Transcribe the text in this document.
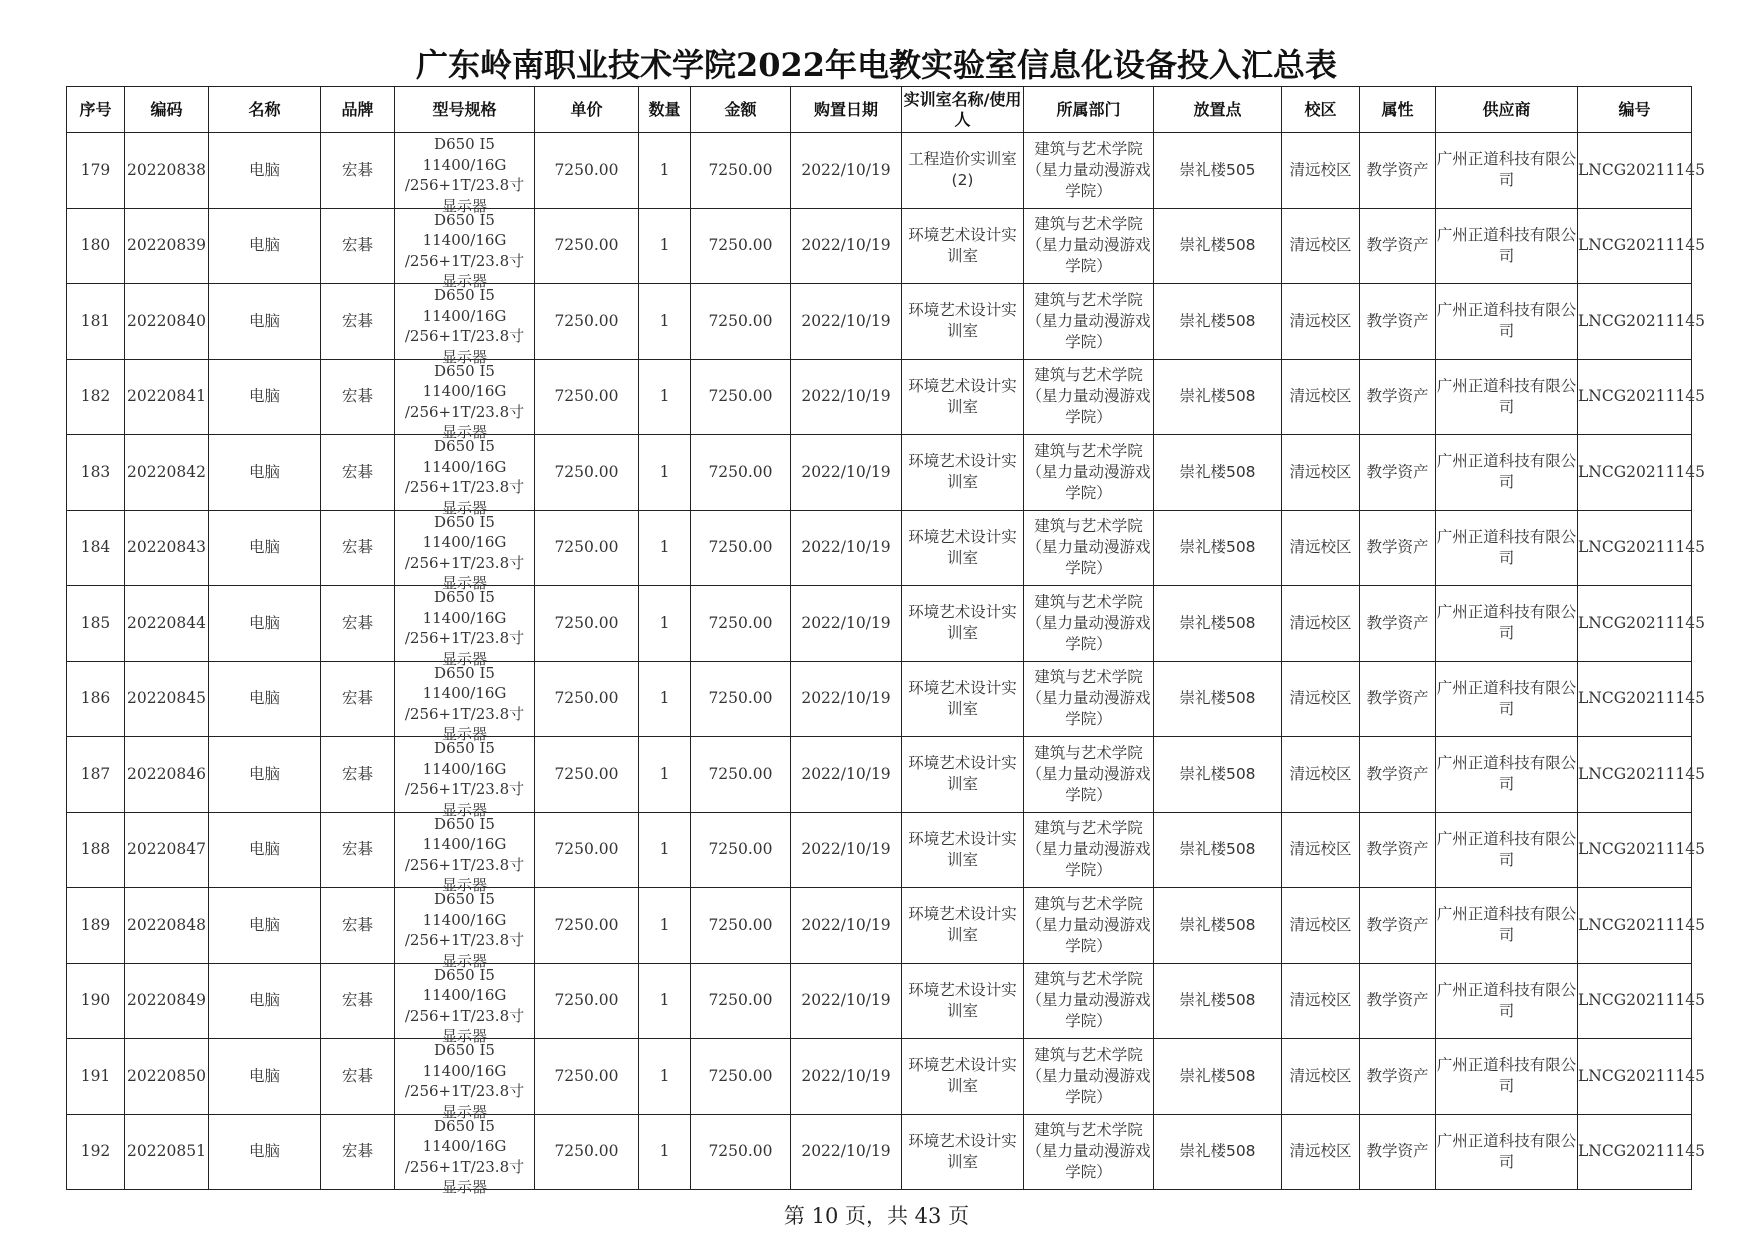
广东岭南职业技术学院2022年电教实验室信息化设备投入汇总表
序号	编码	名称	品牌	型号规格	单价	数量	金额	购置日期	实训室名称/使用人	所属部门	放置点	校区	属性	供应商	编号

179	20220838	电脑	宏碁	D650 I5 11400/16G /256+1T/23.8寸 显示器	7250.00	1	7250.00	2022/10/19	工程造价实训室(2)	建筑与艺术学院（星力量动漫游戏学院）	崇礼楼505	清远校区	教学资产	广州正道科技有限公司	LNCG20211145

180	20220839	电脑	宏碁	D650 I5 11400/16G /256+1T/23.8寸 显示器	7250.00	1	7250.00	2022/10/19	环境艺术设计实训室	建筑与艺术学院（星力量动漫游戏学院）	崇礼楼508	清远校区	教学资产	广州正道科技有限公司	LNCG20211145

181	20220840	电脑	宏碁	D650 I5 11400/16G /256+1T/23.8寸 显示器	7250.00	1	7250.00	2022/10/19	环境艺术设计实训室	建筑与艺术学院（星力量动漫游戏学院）	崇礼楼508	清远校区	教学资产	广州正道科技有限公司	LNCG20211145

182	20220841	电脑	宏碁	D650 I5 11400/16G /256+1T/23.8寸 显示器	7250.00	1	7250.00	2022/10/19	环境艺术设计实训室	建筑与艺术学院（星力量动漫游戏学院）	崇礼楼508	清远校区	教学资产	广州正道科技有限公司	LNCG20211145

183	20220842	电脑	宏碁	D650 I5 11400/16G /256+1T/23.8寸 显示器	7250.00	1	7250.00	2022/10/19	环境艺术设计实训室	建筑与艺术学院（星力量动漫游戏学院）	崇礼楼508	清远校区	教学资产	广州正道科技有限公司	LNCG20211145

184	20220843	电脑	宏碁	D650 I5 11400/16G /256+1T/23.8寸 显示器	7250.00	1	7250.00	2022/10/19	环境艺术设计实训室	建筑与艺术学院（星力量动漫游戏学院）	崇礼楼508	清远校区	教学资产	广州正道科技有限公司	LNCG20211145

185	20220844	电脑	宏碁	D650 I5 11400/16G /256+1T/23.8寸 显示器	7250.00	1	7250.00	2022/10/19	环境艺术设计实训室	建筑与艺术学院（星力量动漫游戏学院）	崇礼楼508	清远校区	教学资产	广州正道科技有限公司	LNCG20211145

186	20220845	电脑	宏碁	D650 I5 11400/16G /256+1T/23.8寸 显示器	7250.00	1	7250.00	2022/10/19	环境艺术设计实训室	建筑与艺术学院（星力量动漫游戏学院）	崇礼楼508	清远校区	教学资产	广州正道科技有限公司	LNCG20211145

187	20220846	电脑	宏碁	D650 I5 11400/16G /256+1T/23.8寸 显示器	7250.00	1	7250.00	2022/10/19	环境艺术设计实训室	建筑与艺术学院（星力量动漫游戏学院）	崇礼楼508	清远校区	教学资产	广州正道科技有限公司	LNCG20211145

188	20220847	电脑	宏碁	D650 I5 11400/16G /256+1T/23.8寸 显示器	7250.00	1	7250.00	2022/10/19	环境艺术设计实训室	建筑与艺术学院（星力量动漫游戏学院）	崇礼楼508	清远校区	教学资产	广州正道科技有限公司	LNCG20211145

189	20220848	电脑	宏碁	D650 I5 11400/16G /256+1T/23.8寸 显示器	7250.00	1	7250.00	2022/10/19	环境艺术设计实训室	建筑与艺术学院（星力量动漫游戏学院）	崇礼楼508	清远校区	教学资产	广州正道科技有限公司	LNCG20211145

190	20220849	电脑	宏碁	D650 I5 11400/16G /256+1T/23.8寸 显示器	7250.00	1	7250.00	2022/10/19	环境艺术设计实训室	建筑与艺术学院（星力量动漫游戏学院）	崇礼楼508	清远校区	教学资产	广州正道科技有限公司	LNCG20211145

191	20220850	电脑	宏碁	D650 I5 11400/16G /256+1T/23.8寸 显示器	7250.00	1	7250.00	2022/10/19	环境艺术设计实训室	建筑与艺术学院（星力量动漫游戏学院）	崇礼楼508	清远校区	教学资产	广州正道科技有限公司	LNCG20211145

192	20220851	电脑	宏碁	D650 I5 11400/16G /256+1T/23.8寸 显示器	7250.00	1	7250.00	2022/10/19	环境艺术设计实训室	建筑与艺术学院（星力量动漫游戏学院）	崇礼楼508	清远校区	教学资产	广州正道科技有限公司	LNCG20211145
第 10 页，共 43 页
